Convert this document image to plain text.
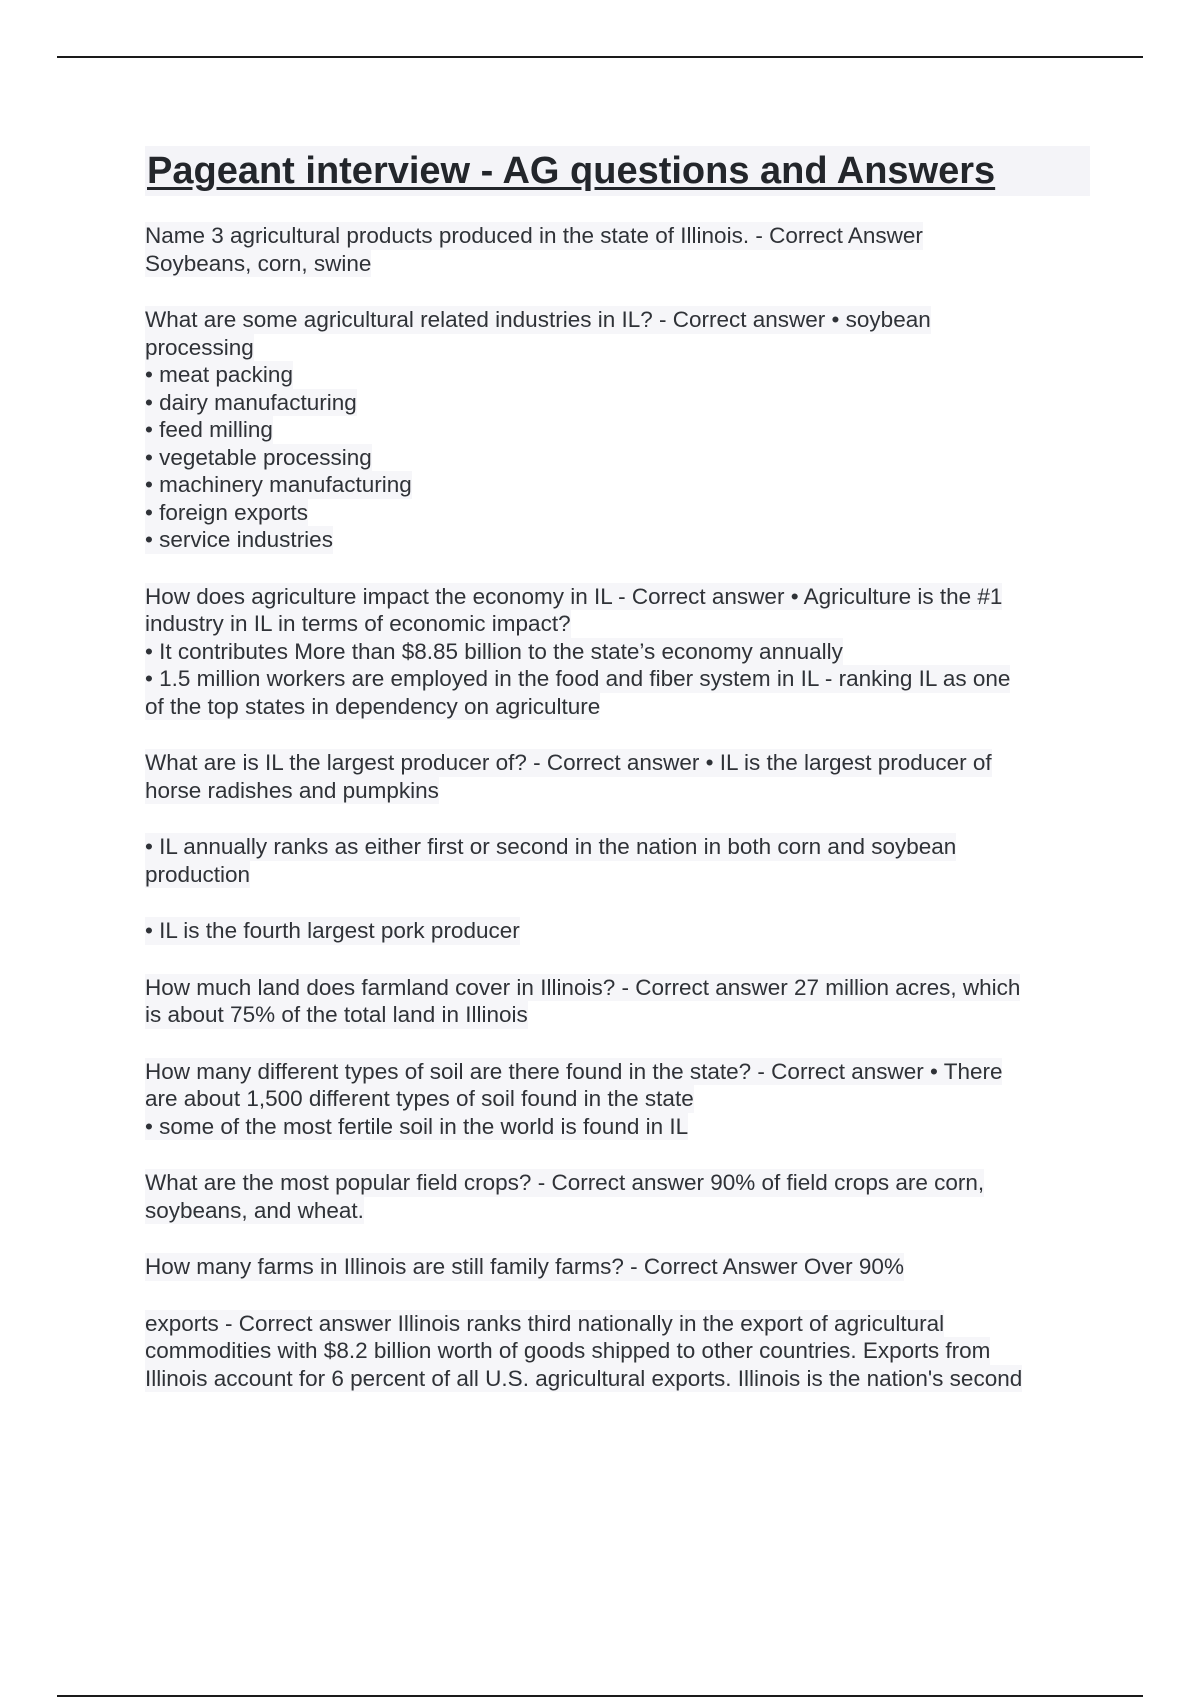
Pageant interview - AG questions and Answers
Name 3 agricultural products produced in the state of Illinois. - Correct Answer
Soybeans, corn, swine
What are some agricultural related industries in IL? - Correct answer • soybean
processing
• meat packing
• dairy manufacturing
• feed milling
• vegetable processing
• machinery manufacturing
• foreign exports
• service industries
How does agriculture impact the economy in IL - Correct answer • Agriculture is the #1
industry in IL in terms of economic impact?
• It contributes More than $8.85 billion to the state’s economy annually
• 1.5 million workers are employed in the food and fiber system in IL - ranking IL as one
of the top states in dependency on agriculture
What are is IL the largest producer of? - Correct answer • IL is the largest producer of
horse radishes and pumpkins
• IL annually ranks as either first or second in the nation in both corn and soybean
production
• IL is the fourth largest pork producer
How much land does farmland cover in Illinois? - Correct answer 27 million acres, which
is about 75% of the total land in Illinois
How many different types of soil are there found in the state? - Correct answer • There
are about 1,500 different types of soil found in the state
• some of the most fertile soil in the world is found in IL
What are the most popular field crops? - Correct answer 90% of field crops are corn,
soybeans, and wheat.
How many farms in Illinois are still family farms? - Correct Answer Over 90%
exports - Correct answer Illinois ranks third nationally in the export of agricultural
commodities with $8.2 billion worth of goods shipped to other countries. Exports from
Illinois account for 6 percent of all U.S. agricultural exports. Illinois is the nation's second
